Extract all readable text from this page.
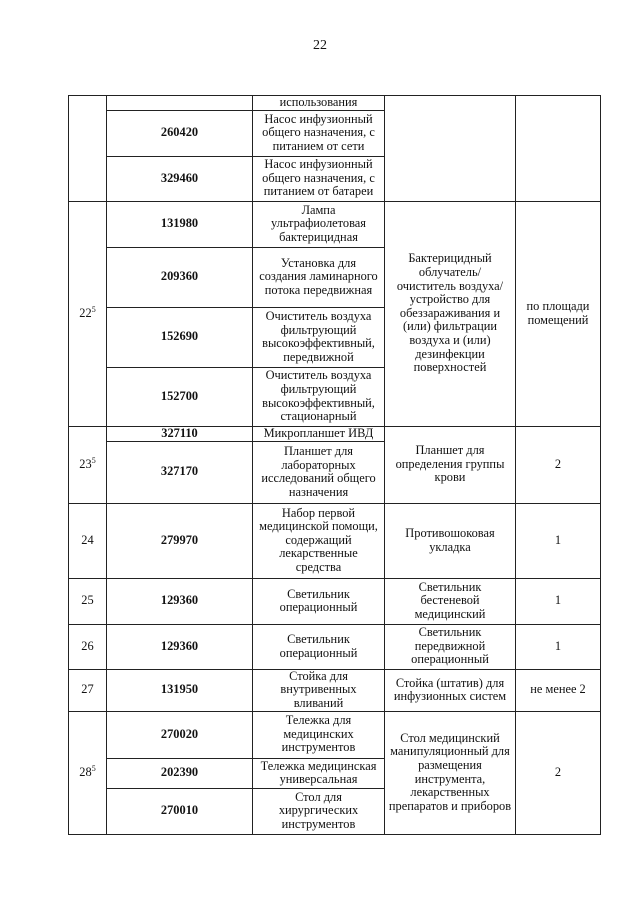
22
		использования		
	260420	Насос инфузионный общего назначения, с питанием от сети		
	329460	Насос инфузионный общего назначения, с питанием от батареи		
$22^5$	131980	Лампа ультрафиолетовая бактерицидная	Бактерицидный облучатель/ очиститель воздуха/ устройство для обеззараживания и (или) фильтрации воздуха и (или) дезинфекции поверхностей	по площади помещений
	209360	Установка для создания ламинарного потока передвижная		
	152690	Очиститель воздуха фильтрующий высокоэффективный, передвижной		
	152700	Очиститель воздуха фильтрующий высокоэффективный, стационарный		
$23^5$	327110	Микропланшет ИВД	Планшет для определения группы крови	2
	327170	Планшет для лабораторных исследований общего назначения		
24	279970	Набор первой медицинской помощи, содержащий лекарственные средства	Противошоковая укладка	1
25	129360	Светильник операционный	Светильник бестеневой медицинский	1
26	129360	Светильник операционный	Светильник передвижной операционный	1
27	131950	Стойка для внутривенных вливаний	Стойка (штатив) для инфузионных систем	не менее 2
$28^5$	270020	Тележка для медицинских инструментов	Стол медицинский манипуляционный для размещения инструмента, лекарственных препаратов и приборов	2
	202390	Тележка медицинская универсальная		
	270010	Стол для хирургических инструментов		
